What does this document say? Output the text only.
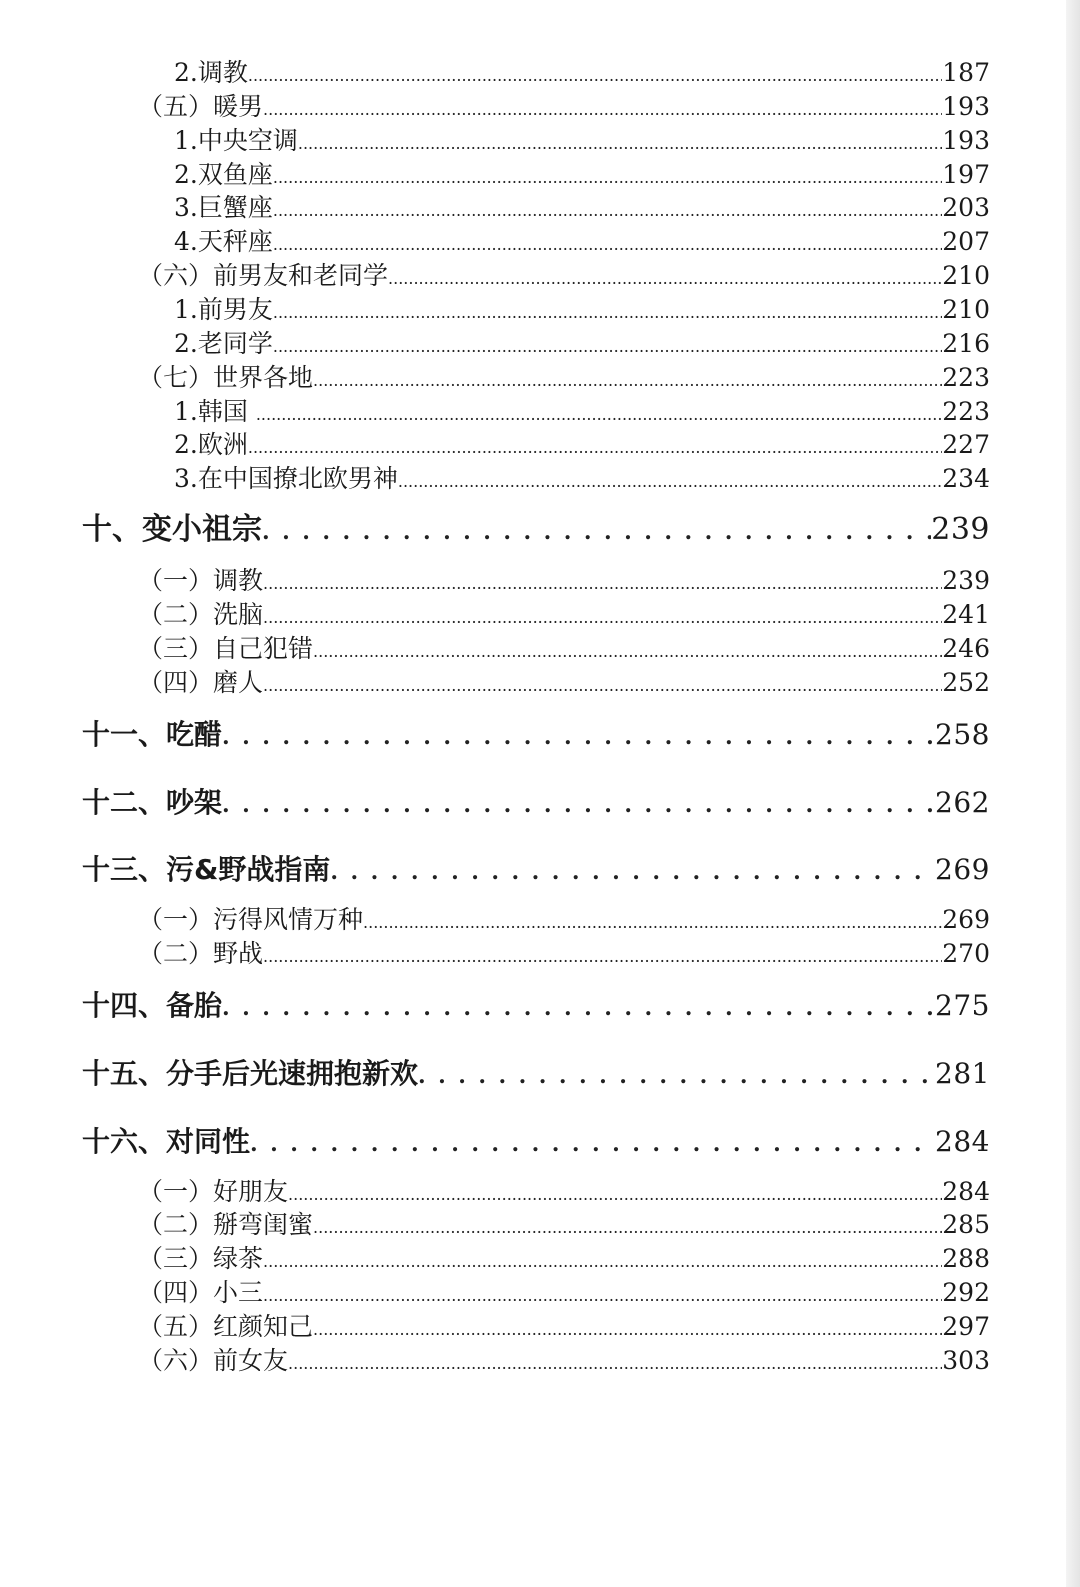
2.调教 .....	187
（五）暖男 .....	193
1.中央空调 .....	193
2.双鱼座 .....	197
3.巨蟹座 .....	203
4.天秤座 .....	207
（六）前男友和老同学 .....	210
1.前男友 .....	210
2.老同学 .....	216
（七）世界各地 .....	223
1.韩国 .....	223
2.欧洲 .....	227
3.在中国撩北欧男神 .....	234
十、变小祖宗 . . .	239
（一）调教 .....	239
（二）洗脑 .....	241
（三）自己犯错 .....	246
（四）磨人 .....	252
十一、吃醋 . . .	258
十二、吵架 . . .	262
十三、污&野战指南 . . .	269
（一）污得风情万种 .....	269
（二）野战 .....	270
十四、备胎 . . .	275
十五、分手后光速拥抱新欢 . . .	281
十六、对同性 . . .	284
（一）好朋友 .....	284
（二）掰弯闺蜜 .....	285
（三）绿茶 .....	288
（四）小三 .....	292
（五）红颜知己 .....	297
（六）前女友 .....	303
